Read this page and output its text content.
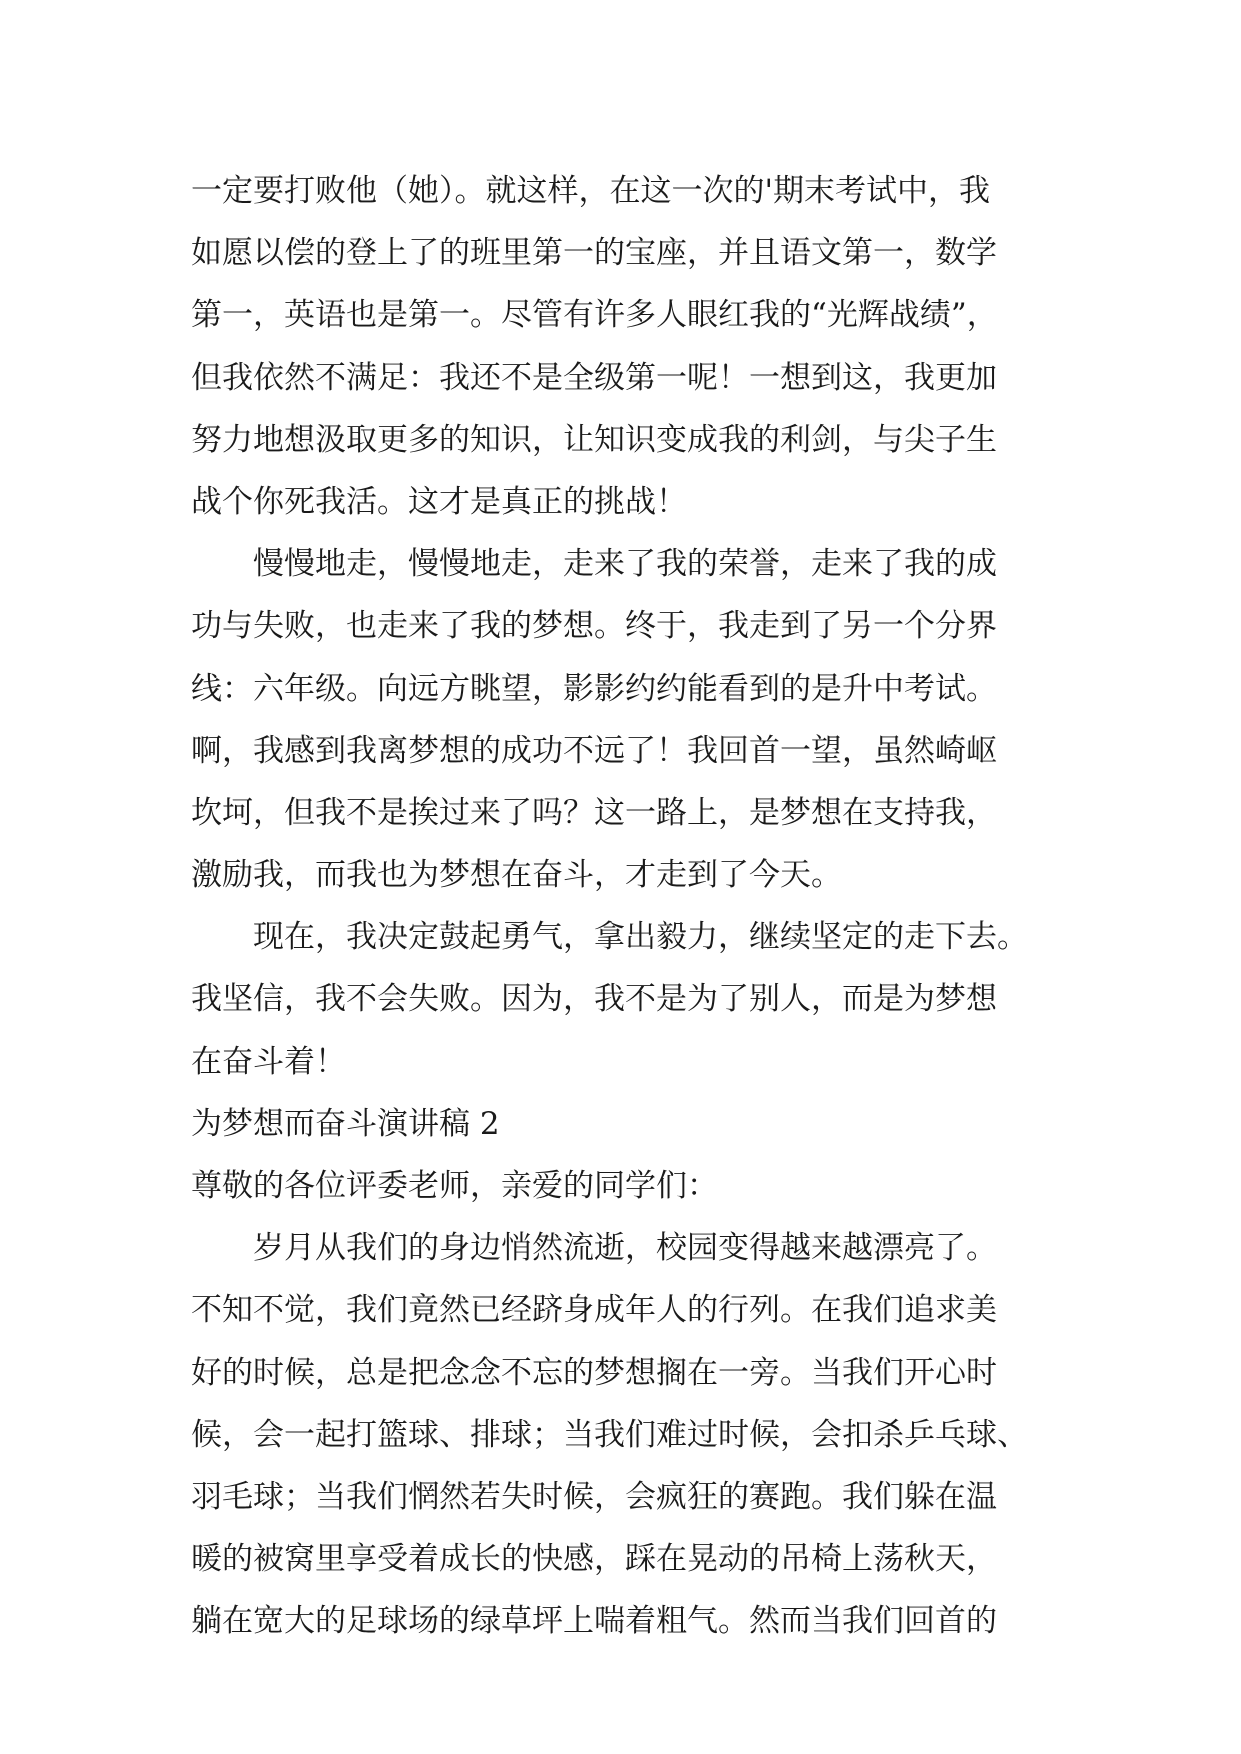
一定要打败他（她）。就这样，在这一次的'期末考试中，我
如愿以偿的登上了的班里第一的宝座，并且语文第一，数学
第一，英语也是第一。尽管有许多人眼红我的“光辉战绩”，
但我依然不满足：我还不是全级第一呢！一想到这，我更加
努力地想汲取更多的知识，让知识变成我的利剑，与尖子生
战个你死我活。这才是真正的挑战！
慢慢地走，慢慢地走，走来了我的荣誉，走来了我的成
功与失败，也走来了我的梦想。终于，我走到了另一个分界
线：六年级。向远方眺望，影影约约能看到的是升中考试。
啊，我感到我离梦想的成功不远了！我回首一望，虽然崎岖
坎坷，但我不是挨过来了吗？这一路上，是梦想在支持我，
激励我，而我也为梦想在奋斗，才走到了今天。
现在，我决定鼓起勇气，拿出毅力，继续坚定的走下去。
我坚信，我不会失败。因为，我不是为了别人，而是为梦想
在奋斗着！
为梦想而奋斗演讲稿 2
尊敬的各位评委老师，亲爱的同学们：
岁月从我们的身边悄然流逝，校园变得越来越漂亮了。
不知不觉，我们竟然已经跻身成年人的行列。在我们追求美
好的时候，总是把念念不忘的梦想搁在一旁。当我们开心时
候，会一起打篮球、排球；当我们难过时候，会扣杀乒乓球、
羽毛球；当我们惘然若失时候，会疯狂的赛跑。我们躲在温
暖的被窝里享受着成长的快感，踩在晃动的吊椅上荡秋天，
躺在宽大的足球场的绿草坪上喘着粗气。然而当我们回首的
